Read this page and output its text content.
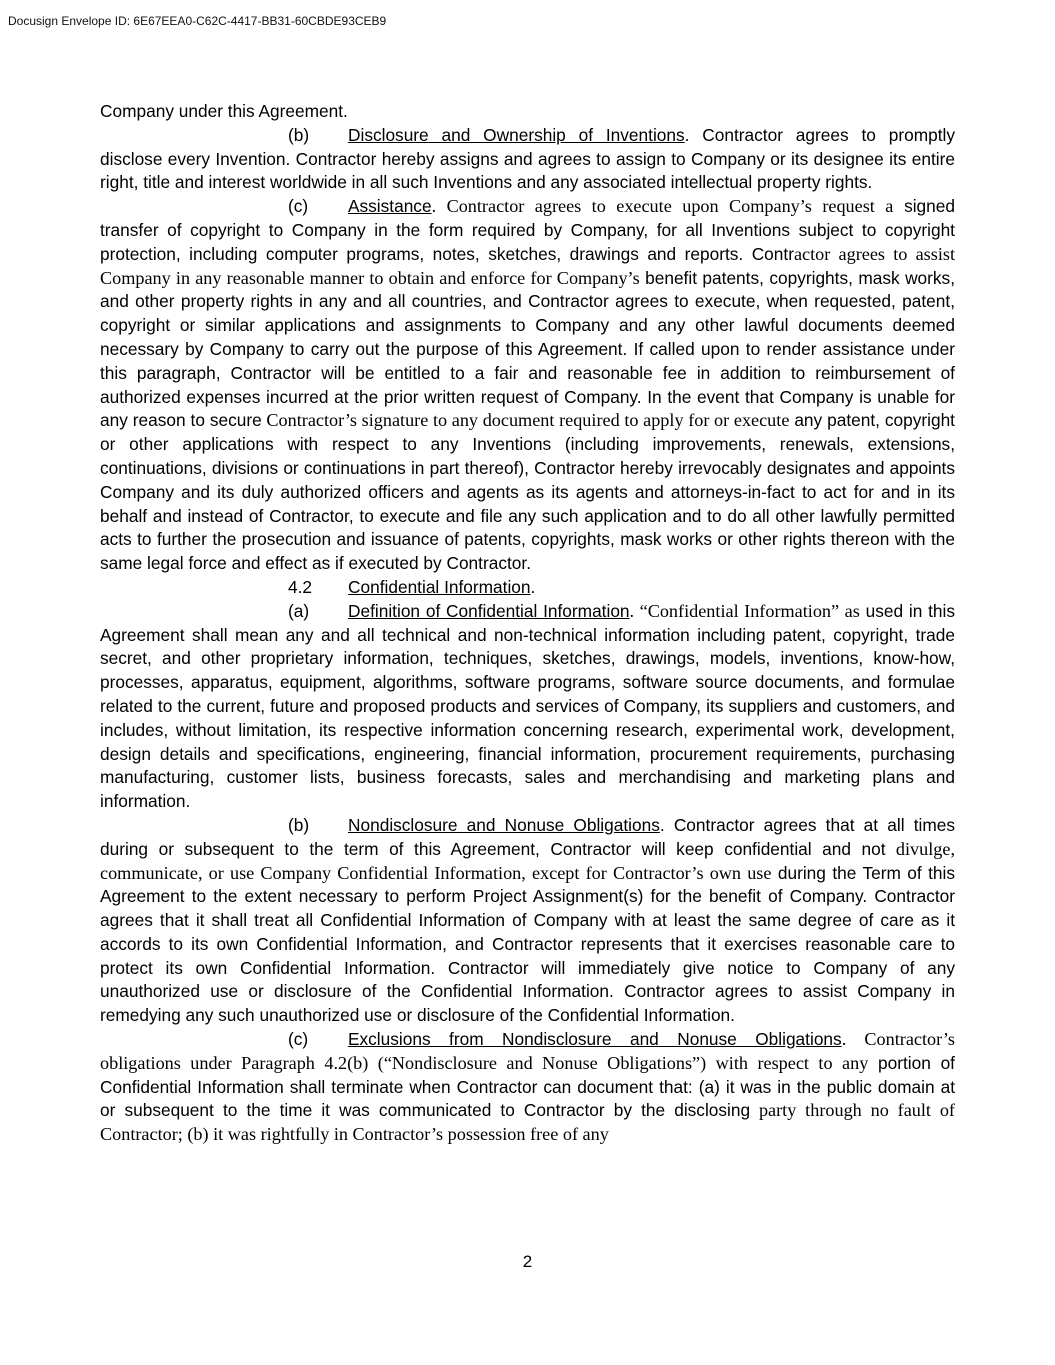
Docusign Envelope ID: 6E67EEA0-C62C-4417-BB31-60CBDE93CEB9

Company under this Agreement.

(b) Disclosure and Ownership of Inventions. Contractor agrees to promptly disclose every Invention. Contractor hereby assigns and agrees to assign to Company or its designee its entire right, title and interest worldwide in all such Inventions and any associated intellectual property rights.

(c) Assistance. Contractor agrees to execute upon Company’s request a signed transfer of copyright to Company in the form required by Company, for all Inventions subject to copyright protection, including computer programs, notes, sketches, drawings and reports. Contractor agrees to assist Company in any reasonable manner to obtain and enforce for Company’s benefit patents, copyrights, mask works, and other property rights in any and all countries, and Contractor agrees to execute, when requested, patent, copyright or similar applications and assignments to Company and any other lawful documents deemed necessary by Company to carry out the purpose of this Agreement. If called upon to render assistance under this paragraph, Contractor will be entitled to a fair and reasonable fee in addition to reimbursement of authorized expenses incurred at the prior written request of Company. In the event that Company is unable for any reason to secure Contractor’s signature to any document required to apply for or execute any patent, copyright or other applications with respect to any Inventions (including improvements, renewals, extensions, continuations, divisions or continuations in part thereof), Contractor hereby irrevocably designates and appoints Company and its duly authorized officers and agents as its agents and attorneys-in-fact to act for and in its behalf and instead of Contractor, to execute and file any such application and to do all other lawfully permitted acts to further the prosecution and issuance of patents, copyrights, mask works or other rights thereon with the same legal force and effect as if executed by Contractor.

4.2 Confidential Information.

(a) Definition of Confidential Information. “Confidential Information” as used in this Agreement shall mean any and all technical and non-technical information including patent, copyright, trade secret, and other proprietary information, techniques, sketches, drawings, models, inventions, know-how, processes, apparatus, equipment, algorithms, software programs, software source documents, and formulae related to the current, future and proposed products and services of Company, its suppliers and customers, and includes, without limitation, its respective information concerning research, experimental work, development, design details and specifications, engineering, financial information, procurement requirements, purchasing manufacturing, customer lists, business forecasts, sales and merchandising and marketing plans and information.

(b) Nondisclosure and Nonuse Obligations. Contractor agrees that at all times during or subsequent to the term of this Agreement, Contractor will keep confidential and not divulge, communicate, or use Company Confidential Information, except for Contractor’s own use during the Term of this Agreement to the extent necessary to perform Project Assignment(s) for the benefit of Company. Contractor agrees that it shall treat all Confidential Information of Company with at least the same degree of care as it accords to its own Confidential Information, and Contractor represents that it exercises reasonable care to protect its own Confidential Information. Contractor will immediately give notice to Company of any unauthorized use or disclosure of the Confidential Information. Contractor agrees to assist Company in remedying any such unauthorized use or disclosure of the Confidential Information.

(c) Exclusions from Nondisclosure and Nonuse Obligations. Contractor’s obligations under Paragraph 4.2(b) (“Nondisclosure and Nonuse Obligations”) with respect to any portion of Confidential Information shall terminate when Contractor can document that: (a) it was in the public domain at or subsequent to the time it was communicated to Contractor by the disclosing party through no fault of Contractor; (b) it was rightfully in Contractor’s possession free of any

2
